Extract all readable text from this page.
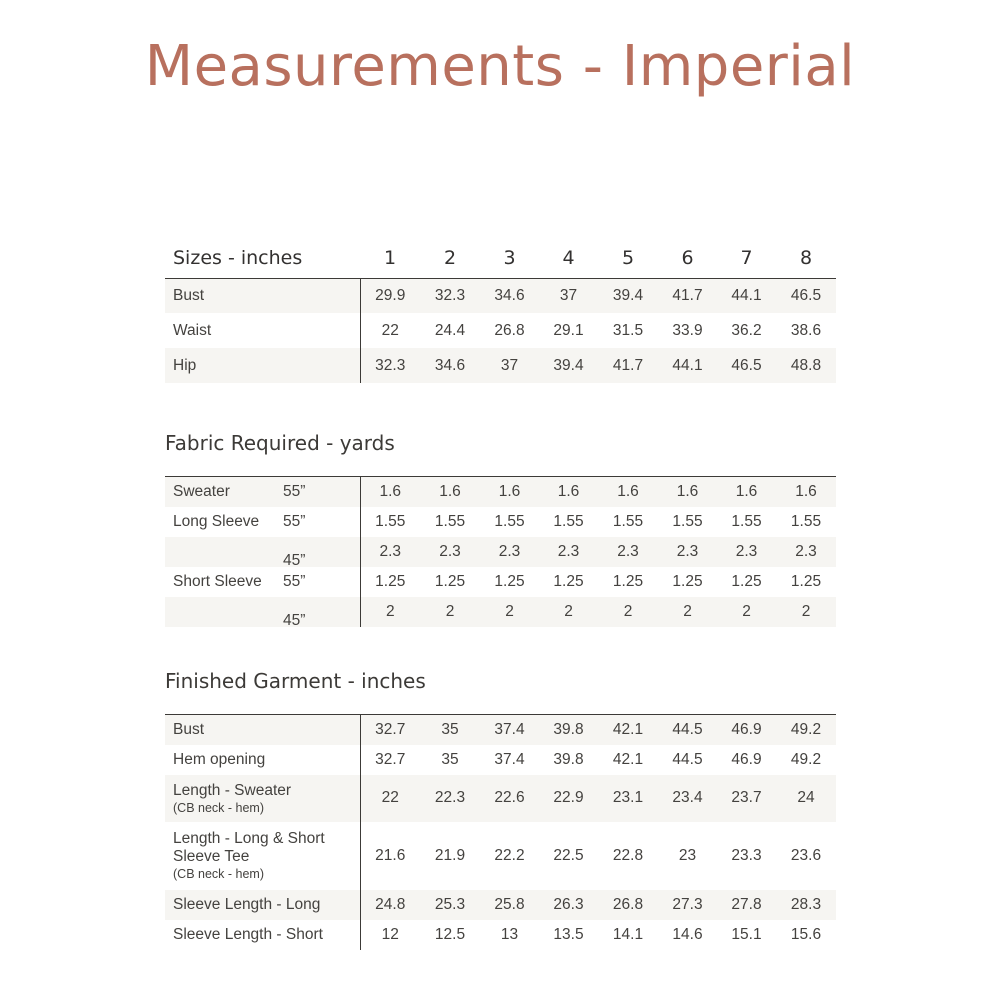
Measurements - Imperial
Sizes - inches	1	2	3	4	5	6	7	8
Bust	29.9	32.3	34.6	37	39.4	41.7	44.1	46.5
Waist	22	24.4	26.8	29.1	31.5	33.9	36.2	38.6
Hip	32.3	34.6	37	39.4	41.7	44.1	46.5	48.8
Fabric Required - yards
Sweater 55”	1.6	1.6	1.6	1.6	1.6	1.6	1.6	1.6
Long Sleeve 55”	1.55	1.55	1.55	1.55	1.55	1.55	1.55	1.55

45”	2.3	2.3	2.3	2.3	2.3	2.3	2.3	2.3
Short Sleeve 55”	1.25	1.25	1.25	1.25	1.25	1.25	1.25	1.25

45”	2	2	2	2	2	2	2	2
Finished Garment - inches
Bust	32.7	35	37.4	39.8	42.1	44.5	46.9	49.2

Hem opening	32.7	35	37.4	39.8	42.1	44.5	46.9	49.2

Length - Sweater
(CB neck - hem)	22	22.3	22.6	22.9	23.1	23.4	23.7	24

Length - Long & Short
Sleeve Tee
(CB neck - hem)	21.6	21.9	22.2	22.5	22.8	23	23.3	23.6

Sleeve Length - Long	24.8	25.3	25.8	26.3	26.8	27.3	27.8	28.3

Sleeve Length - Short	12	12.5	13	13.5	14.1	14.6	15.1	15.6
